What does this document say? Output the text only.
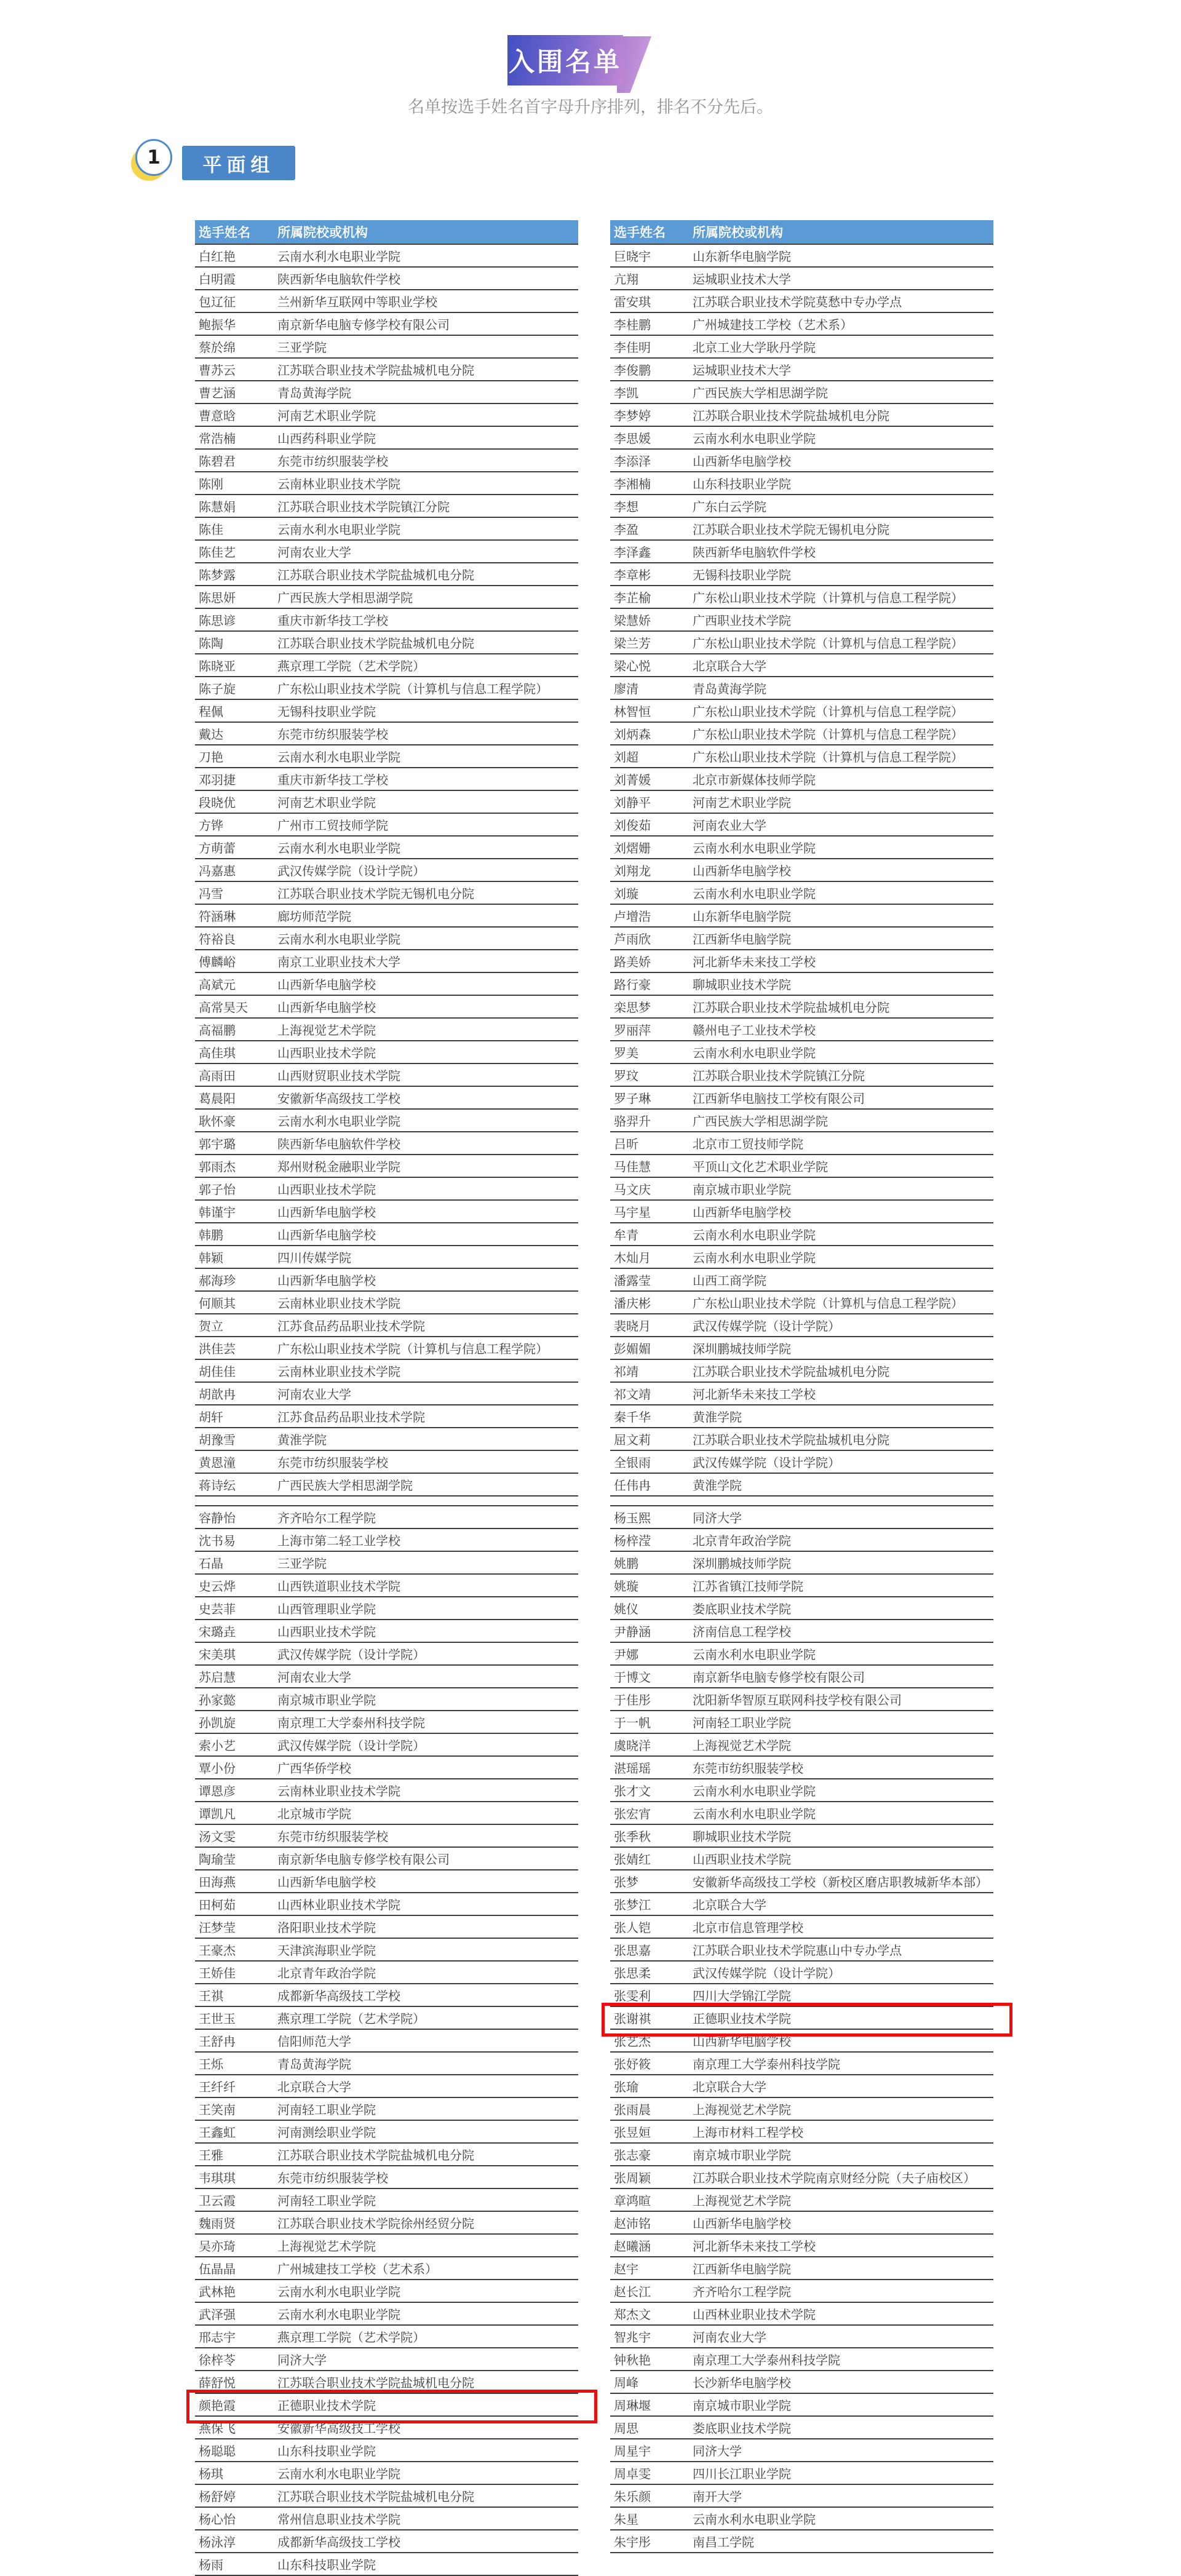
入围名单
名单按选手姓名首字母升序排列，排名不分先后。
1	平面组
选手姓名	所属院校或机构
白红艳	云南水利水电职业学院
白明霞	陕西新华电脑软件学校
包辽征	兰州新华互联网中等职业学校
鲍振华	南京新华电脑专修学校有限公司
蔡於绵	三亚学院
曹苏云	江苏联合职业技术学院盐城机电分院
曹艺涵	青岛黄海学院
曹意晗	河南艺术职业学院
常浩楠	山西药科职业学院
陈碧君	东莞市纺织服装学校
陈刚	云南林业职业技术学院
陈慧娟	江苏联合职业技术学院镇江分院
陈佳	云南水利水电职业学院
陈佳艺	河南农业大学
陈梦露	江苏联合职业技术学院盐城机电分院
陈思妍	广西民族大学相思湖学院
陈思谚	重庆市新华技工学校
陈陶	江苏联合职业技术学院盐城机电分院
陈晓亚	燕京理工学院（艺术学院）
陈子旋	广东松山职业技术学院（计算机与信息工程学院）
程佩	无锡科技职业学院
戴达	东莞市纺织服装学校
刀艳	云南水利水电职业学院
邓羽捷	重庆市新华技工学校
段晓优	河南艺术职业学院
方铧	广州市工贸技师学院
方萌蕾	云南水利水电职业学院
冯嘉惠	武汉传媒学院（设计学院）
冯雪	江苏联合职业技术学院无锡机电分院
符涵琳	廊坊师范学院
符裕良	云南水利水电职业学院
傅麟峪	南京工业职业技术大学
高斌元	山西新华电脑学校
高常昊天	山西新华电脑学校
高福鹏	上海视觉艺术学院
高佳琪	山西职业技术学院
高雨田	山西财贸职业技术学院
葛晨阳	安徽新华高级技工学校
耿怀豪	云南水利水电职业学院
郭宇璐	陕西新华电脑软件学校
郭雨杰	郑州财税金融职业学院
郭子怡	山西职业技术学院
韩谨宇	山西新华电脑学校
韩鹏	山西新华电脑学校
韩颖	四川传媒学院
郝海珍	山西新华电脑学校
何顺其	云南林业职业技术学院
贺立	江苏食品药品职业技术学院
洪佳芸	广东松山职业技术学院（计算机与信息工程学院）
胡佳佳	云南林业职业技术学院
胡歆冉	河南农业大学
胡轩	江苏食品药品职业技术学院
胡豫雪	黄淮学院
黄恩潼	东莞市纺织服装学校
蒋诗纭	广西民族大学相思湖学院

容静怡	齐齐哈尔工程学院
沈书易	上海市第二轻工业学校
石晶	三亚学院
史云烨	山西铁道职业技术学院
史芸菲	山西管理职业学院
宋璐垚	山西职业技术学院
宋美琪	武汉传媒学院（设计学院）
苏启慧	河南农业大学
孙家懿	南京城市职业学院
孙凯旋	南京理工大学泰州科技学院
索小艺	武汉传媒学院（设计学院）
覃小份	广西华侨学校
谭恩彦	云南林业职业技术学院
谭凯凡	北京城市学院
汤文雯	东莞市纺织服装学校
陶瑜莹	南京新华电脑专修学校有限公司
田海燕	山西新华电脑学校
田柯茹	山西林业职业技术学院
汪梦莹	洛阳职业技术学院
王豪杰	天津滨海职业学院
王娇佳	北京青年政治学院
王祺	成都新华高级技工学校
王世玉	燕京理工学院（艺术学院）
王舒冉	信阳师范大学
王烁	青岛黄海学院
王纤纤	北京联合大学
王笑南	河南轻工职业学院
王鑫虹	河南测绘职业学院
王雅	江苏联合职业技术学院盐城机电分院
韦琪琪	东莞市纺织服装学校
卫云霞	河南轻工职业学院
魏雨贤	江苏联合职业技术学院徐州经贸分院
吴亦琦	上海视觉艺术学院
伍晶晶	广州城建技工学校（艺术系）
武林艳	云南水利水电职业学院
武泽强	云南水利水电职业学院
邢志宇	燕京理工学院（艺术学院）
徐梓苓	同济大学
薛舒悦	江苏联合职业技术学院盐城机电分院
颜艳霞	正德职业技术学院
燕保飞	安徽新华高级技工学校
杨聪聪	山东科技职业学院
杨琪	云南水利水电职业学院
杨舒婷	江苏联合职业技术学院盐城机电分院
杨心怡	常州信息职业技术学院
杨泳淳	成都新华高级技工学校
杨雨	山东科技职业学院
选手姓名	所属院校或机构
巨晓宇	山东新华电脑学院
亢翔	运城职业技术大学
雷安琪	江苏联合职业技术学院莫愁中专办学点
李桂鹏	广州城建技工学校（艺术系）
李佳明	北京工业大学耿丹学院
李俊鹏	运城职业技术大学
李凯	广西民族大学相思湖学院
李梦婷	江苏联合职业技术学院盐城机电分院
李思媛	云南水利水电职业学院
李添泽	山西新华电脑学校
李湘楠	山东科技职业学院
李想	广东白云学院
李盈	江苏联合职业技术学院无锡机电分院
李泽鑫	陕西新华电脑软件学校
李章彬	无锡科技职业学院
李芷榆	广东松山职业技术学院（计算机与信息工程学院）
梁慧娇	广西职业技术学院
梁兰芳	广东松山职业技术学院（计算机与信息工程学院）
梁心悦	北京联合大学
廖清	青岛黄海学院
林智恒	广东松山职业技术学院（计算机与信息工程学院）
刘炳森	广东松山职业技术学院（计算机与信息工程学院）
刘超	广东松山职业技术学院（计算机与信息工程学院）
刘菁媛	北京市新媒体技师学院
刘静平	河南艺术职业学院
刘俊茹	河南农业大学
刘熠姗	云南水利水电职业学院
刘翔龙	山西新华电脑学校
刘璇	云南水利水电职业学院
卢增浩	山东新华电脑学院
芦雨欣	江西新华电脑学院
路美娇	河北新华未来技工学校
路行豪	聊城职业技术学院
栾思梦	江苏联合职业技术学院盐城机电分院
罗丽萍	赣州电子工业技术学校
罗美	云南水利水电职业学院
罗玟	江苏联合职业技术学院镇江分院
罗子琳	江西新华电脑技工学校有限公司
骆羿升	广西民族大学相思湖学院
吕昕	北京市工贸技师学院
马佳慧	平顶山文化艺术职业学院
马文庆	南京城市职业学院
马宇星	山西新华电脑学校
牟青	云南水利水电职业学院
木灿月	云南水利水电职业学院
潘露莹	山西工商学院
潘庆彬	广东松山职业技术学院（计算机与信息工程学院）
裴晓月	武汉传媒学院（设计学院）
彭媚媚	深圳鹏城技师学院
祁靖	江苏联合职业技术学院盐城机电分院
祁文靖	河北新华未来技工学校
秦千华	黄淮学院
屈文莉	江苏联合职业技术学院盐城机电分院
全银雨	武汉传媒学院（设计学院）
任伟冉	黄淮学院

杨玉熙	同济大学
杨梓滢	北京青年政治学院
姚鹏	深圳鹏城技师学院
姚璇	江苏省镇江技师学院
姚仪	娄底职业技术学院
尹静涵	济南信息工程学校
尹娜	云南水利水电职业学院
于博文	南京新华电脑专修学校有限公司
于佳彤	沈阳新华智原互联网科技学校有限公司
于一帆	河南轻工职业学院
虞晓洋	上海视觉艺术学院
湛瑶瑶	东莞市纺织服装学校
张才文	云南水利水电职业学院
张宏宵	云南水利水电职业学院
张季秋	聊城职业技术学院
张婧红	山西职业技术学院
张梦	安徽新华高级技工学校（新校区磨店职教城新华本部）
张梦江	北京联合大学
张人铠	北京市信息管理学校
张思嘉	江苏联合职业技术学院惠山中专办学点
张思柔	武汉传媒学院（设计学院）
张雯利	四川大学锦江学院
张谢祺	正德职业技术学院
张艺杰	山西新华电脑学校
张妤筱	南京理工大学泰州科技学院
张瑜	北京联合大学
张雨晨	上海视觉艺术学院
张昱姮	上海市材料工程学校
张志豪	南京城市职业学院
张周颖	江苏联合职业技术学院南京财经分院（夫子庙校区）
章鸿暄	上海视觉艺术学院
赵沛铭	山西新华电脑学校
赵曦涵	河北新华未来技工学校
赵宇	江西新华电脑学院
赵长江	齐齐哈尔工程学院
郑杰文	山西林业职业技术学院
智兆宇	河南农业大学
钟秋艳	南京理工大学泰州科技学院
周峰	长沙新华电脑学校
周琳堰	南京城市职业学院
周思	娄底职业技术学院
周星宇	同济大学
周卓雯	四川长江职业学院
朱乐颜	南开大学
朱星	云南水利水电职业学院
朱宇彤	南昌工学院
